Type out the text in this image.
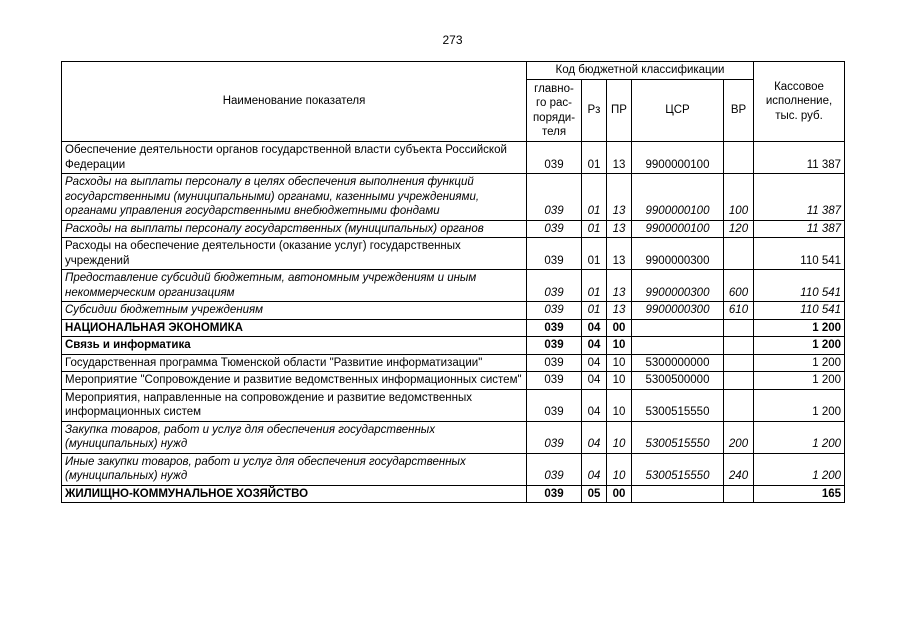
273
Наименование показателя	Код бюджетной классификации					Кассовое исполнение, тыс. руб.
	главно-го рас-поряди-теля	Рз	ПР	ЦСР	ВР	
Обеспечение деятельности органов государственной власти субъекта Российской Федерации	039	01	13	9900000100		11 387
Расходы на выплаты персоналу в целях обеспечения выполнения функций государственными (муниципальными) органами, казенными учреждениями, органами управления государственными внебюджетными фондами	039	01	13	9900000100	100	11 387
Расходы на выплаты персоналу государственных (муниципальных) органов	039	01	13	9900000100	120	11 387
Расходы на обеспечение деятельности (оказание услуг) государственных учреждений	039	01	13	9900000300		110 541
Предоставление субсидий бюджетным, автономным учреждениям и иным некоммерческим организациям	039	01	13	9900000300	600	110 541
Субсидии бюджетным учреждениям	039	01	13	9900000300	610	110 541
НАЦИОНАЛЬНАЯ ЭКОНОМИКА	039	04	00			1 200
Связь и информатика	039	04	10			1 200
Государственная программа Тюменской области "Развитие информатизации"	039	04	10	5300000000		1 200
Мероприятие "Сопровождение и развитие ведомственных информационных систем"	039	04	10	5300500000		1 200
Мероприятия, направленные на сопровождение и развитие ведомственных информационных систем	039	04	10	5300515550		1 200
Закупка товаров, работ и услуг для обеспечения государственных (муниципальных) нужд	039	04	10	5300515550	200	1 200
Иные закупки товаров, работ и услуг для обеспечения государственных (муниципальных) нужд	039	04	10	5300515550	240	1 200
ЖИЛИЩНО-КОММУНАЛЬНОЕ ХОЗЯЙСТВО	039	05	00			165
